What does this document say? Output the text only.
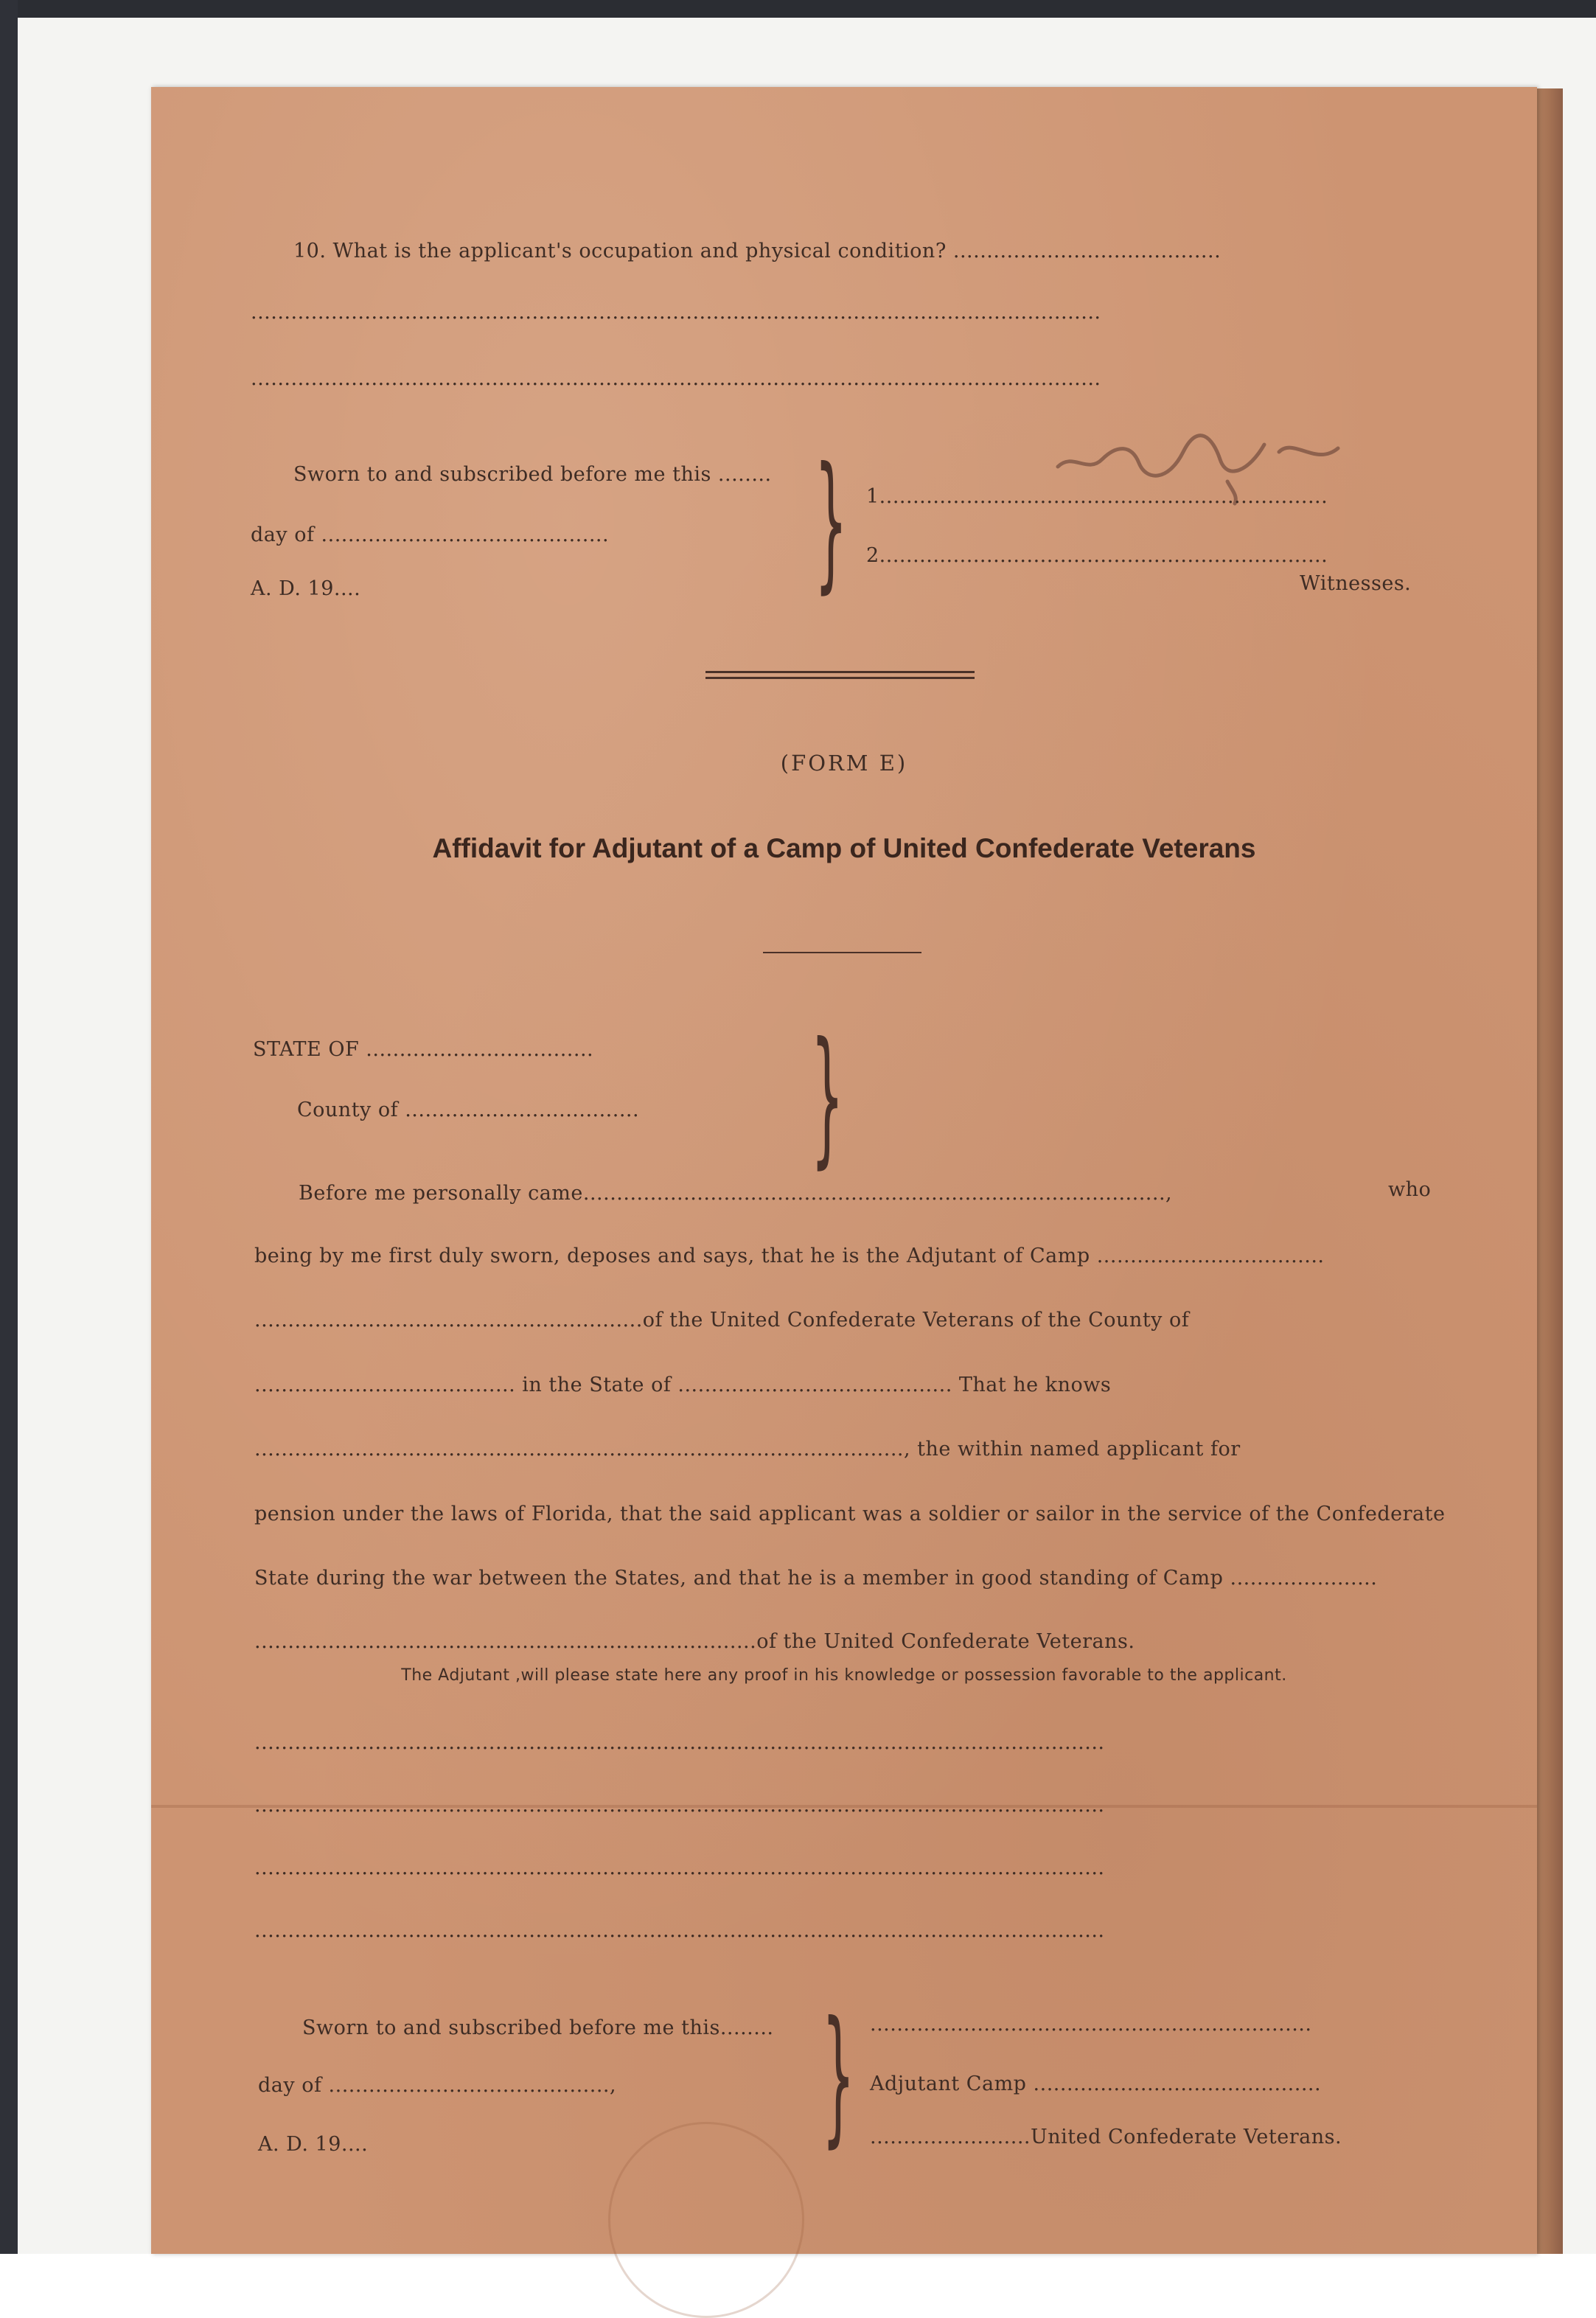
10. What is the applicant's occupation and physical condition? ........................................
...............................................................................................................................
...............................................................................................................................
Sworn to and subscribed before me this ........
day of ...........................................
A. D. 19....	} 1...................................................................
2...................................................................
Witnesses.
(FORM E)
Affidavit for Adjutant of a Camp of United Confederate Veterans
STATE OF ..................................
County of ................................... }
Before me personally came.......................................................................................,	who
being by me first duly sworn, deposes and says, that he is the Adjutant of Camp ..................................
..........................................................of the United Confederate Veterans of the County of
....................................... in the State of ......................................... That he knows
................................................................................................., the within named applicant for
pension under the laws of Florida, that the said applicant was a soldier or sailor in the service of the Confederate
State during the war between the States, and that he is a member in good standing of Camp ......................
...........................................................................of the United Confederate Veterans.
The Adjutant ,will please state here any proof in his knowledge or possession favorable to the applicant.
...............................................................................................................................
...............................................................................................................................
...............................................................................................................................
...............................................................................................................................
Sworn to and subscribed before me this........
day of ..........................................,
A. D. 19....	} ..................................................................
Adjutant Camp ...........................................
........................United Confederate Veterans.
